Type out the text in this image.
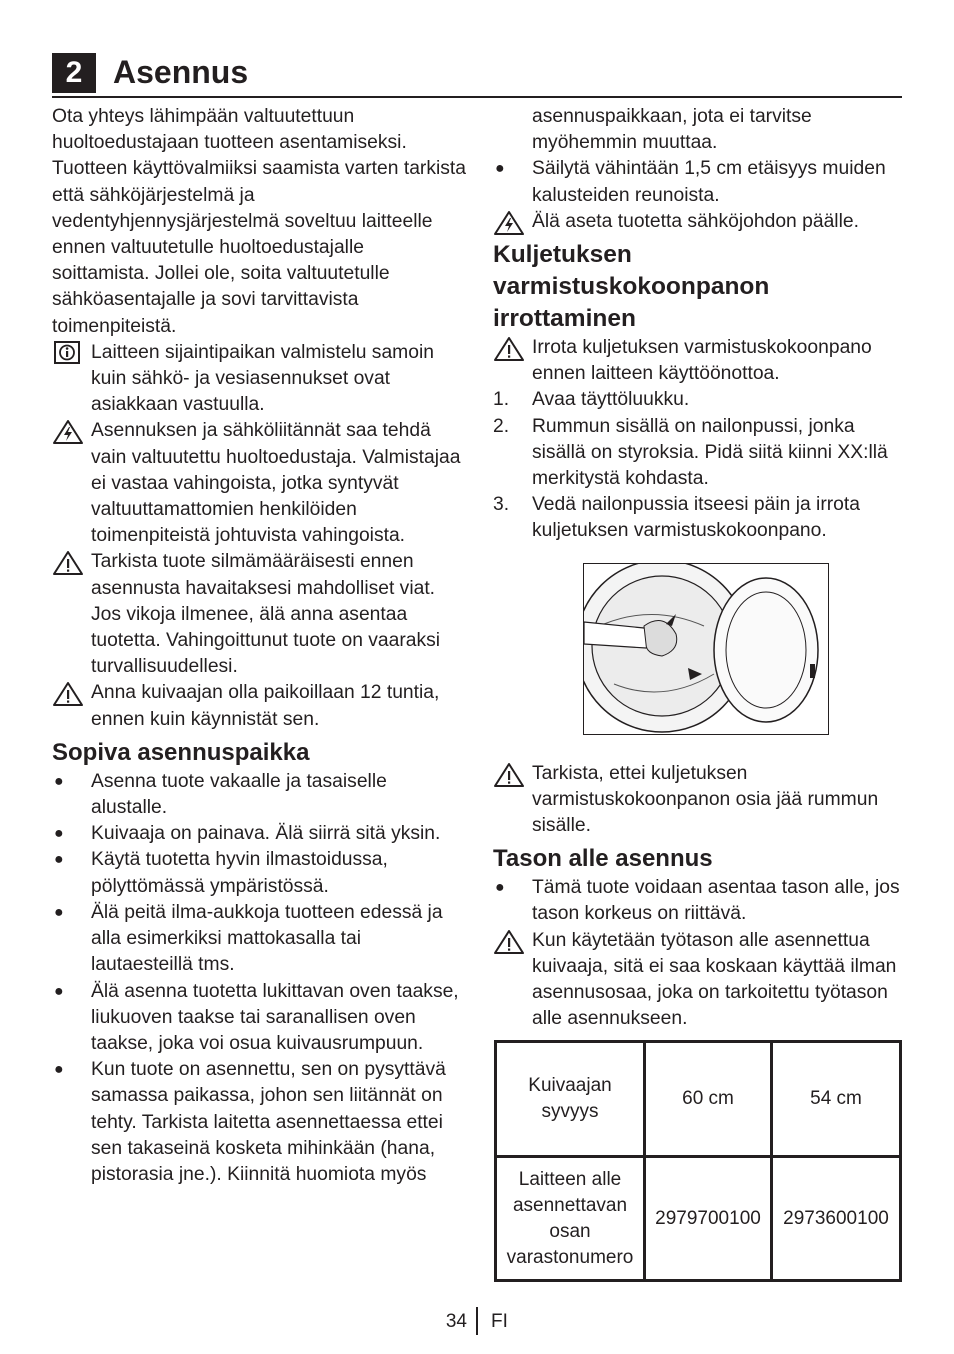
2 Asennus

Ota yhteys lähimpään valtuutettuun huoltoedustajaan tuotteen asentamiseksi. Tuotteen käyttövalmiiksi saamista varten tarkista että sähköjärjestelmä ja vedentyhjennysjärjestelmä soveltuu laitteelle ennen valtuutetulle huoltoedustajalle soittamista. Jollei ole, soita valtuutetulle sähköasentajalle ja sovi tarvittavista toimenpiteistä.

Laitteen sijaintipaikan valmistelu samoin kuin sähkö- ja vesiasennukset ovat asiakkaan vastuulla.
Asennuksen ja sähköliitännät saa tehdä vain valtuutettu huoltoedustaja. Valmistajaa ei vastaa vahingoista, jotka syntyvät valtuuttamattomien henkilöiden toimenpiteistä johtuvista vahingoista.
Tarkista tuote silmämääräisesti ennen asennusta havaitaksesi mahdolliset viat. Jos vikoja ilmenee, älä anna asentaa tuotetta. Vahingoittunut tuote on vaaraksi turvallisuudellesi.
Anna kuivaajan olla paikoillaan 12 tuntia, ennen kuin käynnistät sen.
Sopiva asennuspaikka
● Asenna tuote vakaalle ja tasaiselle alustalle.
● Kuivaaja on painava. Älä siirrä sitä yksin.
● Käytä tuotetta hyvin ilmastoidussa, pölyttömässä ympäristössä.
● Älä peitä ilma-aukkoja tuotteen edessä ja alla esimerkiksi mattokasalla tai lautaesteillä tms.
● Älä asenna tuotetta lukittavan oven taakse, liukuoven taakse tai saranallisen oven taakse, joka voi osua kuivausrumpuun.
● Kun tuote on asennettu, sen on pysyttävä samassa paikassa, johon sen liitännät on tehty. Tarkista laitetta asennettaessa ettei sen takaseinä kosketa mihinkään (hana, pistorasia jne.). Kiinnitä huomiota myös
asennuspaikkaan, jota ei tarvitse myöhemmin muuttaa.
● Säilytä vähintään 1,5 cm etäisyys muiden kalusteiden reunoista.
Älä aseta tuotetta sähköjohdon päälle.
Kuljetuksen varmistuskokoonpanon irrottaminen
Irrota kuljetuksen varmistuskokoonpano ennen laitteen käyttöönottoa.
1.	Avaa täyttöluukku.
2.	Rummun sisällä on nailonpussi, jonka sisällä on styroksia. Pidä siitä kiinni XX:llä merkitystä kohdasta.
3.	Vedä nailonpussia itseesi päin ja irrota kuljetuksen varmistuskokoonpano.
Tarkista, ettei kuljetuksen varmistuskokoonpanon osia jää rummun sisälle.
Tason alle asennus
● Tämä tuote voidaan asentaa tason alle, jos tason korkeus on riittävä.
Kun käytetään työtason alle asennettua kuivaaja, sitä ei saa koskaan käyttää ilman asennusosaa, joka on tarkoitettu työtason alle asennukseen.
Kuivaajan syvyys	60 cm	54 cm
Laitteen alle asennettavan osan varastonumero	2979700100	2973600100
34 FI
